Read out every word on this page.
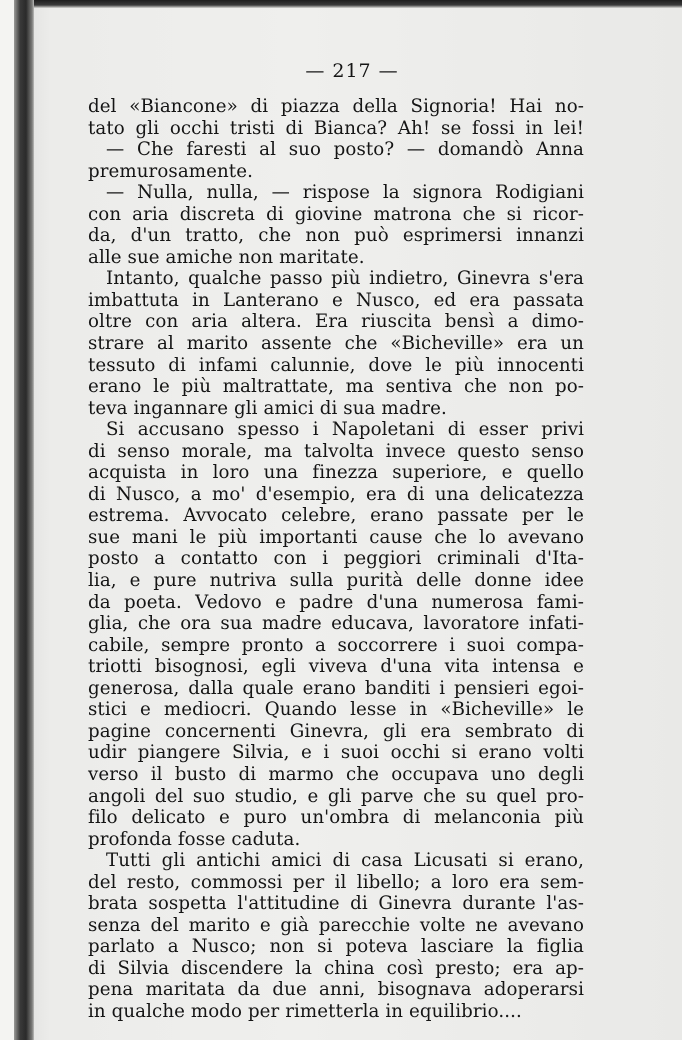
— 217 —
del «Biancone» di piazza della Signoria! Hai no-
tato gli occhi tristi di Bianca? Ah! se fossi in lei!
— Che faresti al suo posto? — domandò Anna
premurosamente.
— Nulla, nulla, — rispose la signora Rodigiani
con aria discreta di giovine matrona che si ricor-
da, d'un tratto, che non può esprimersi innanzi
alle sue amiche non maritate.
Intanto, qualche passo più indietro, Ginevra s'era
imbattuta in Lanterano e Nusco, ed era passata
oltre con aria altera. Era riuscita bensì a dimo-
strare al marito assente che «Bicheville» era un
tessuto di infami calunnie, dove le più innocenti
erano le più maltrattate, ma sentiva che non po-
teva ingannare gli amici di sua madre.
Si accusano spesso i Napoletani di esser privi
di senso morale, ma talvolta invece questo senso
acquista in loro una finezza superiore, e quello
di Nusco, a mo' d'esempio, era di una delicatezza
estrema. Avvocato celebre, erano passate per le
sue mani le più importanti cause che lo avevano
posto a contatto con i peggiori criminali d'Ita-
lia, e pure nutriva sulla purità delle donne idee
da poeta. Vedovo e padre d'una numerosa fami-
glia, che ora sua madre educava, lavoratore infati-
cabile, sempre pronto a soccorrere i suoi compa-
triotti bisognosi, egli viveva d'una vita intensa e
generosa, dalla quale erano banditi i pensieri egoi-
stici e mediocri. Quando lesse in «Bicheville» le
pagine concernenti Ginevra, gli era sembrato di
udir piangere Silvia, e i suoi occhi si erano volti
verso il busto di marmo che occupava uno degli
angoli del suo studio, e gli parve che su quel pro-
filo delicato e puro un'ombra di melanconia più
profonda fosse caduta.
Tutti gli antichi amici di casa Licusati si erano,
del resto, commossi per il libello; a loro era sem-
brata sospetta l'attitudine di Ginevra durante l'as-
senza del marito e già parecchie volte ne avevano
parlato a Nusco; non si poteva lasciare la figlia
di Silvia discendere la china così presto; era ap-
pena maritata da due anni, bisognava adoperarsi
in qualche modo per rimetterla in equilibrio....
